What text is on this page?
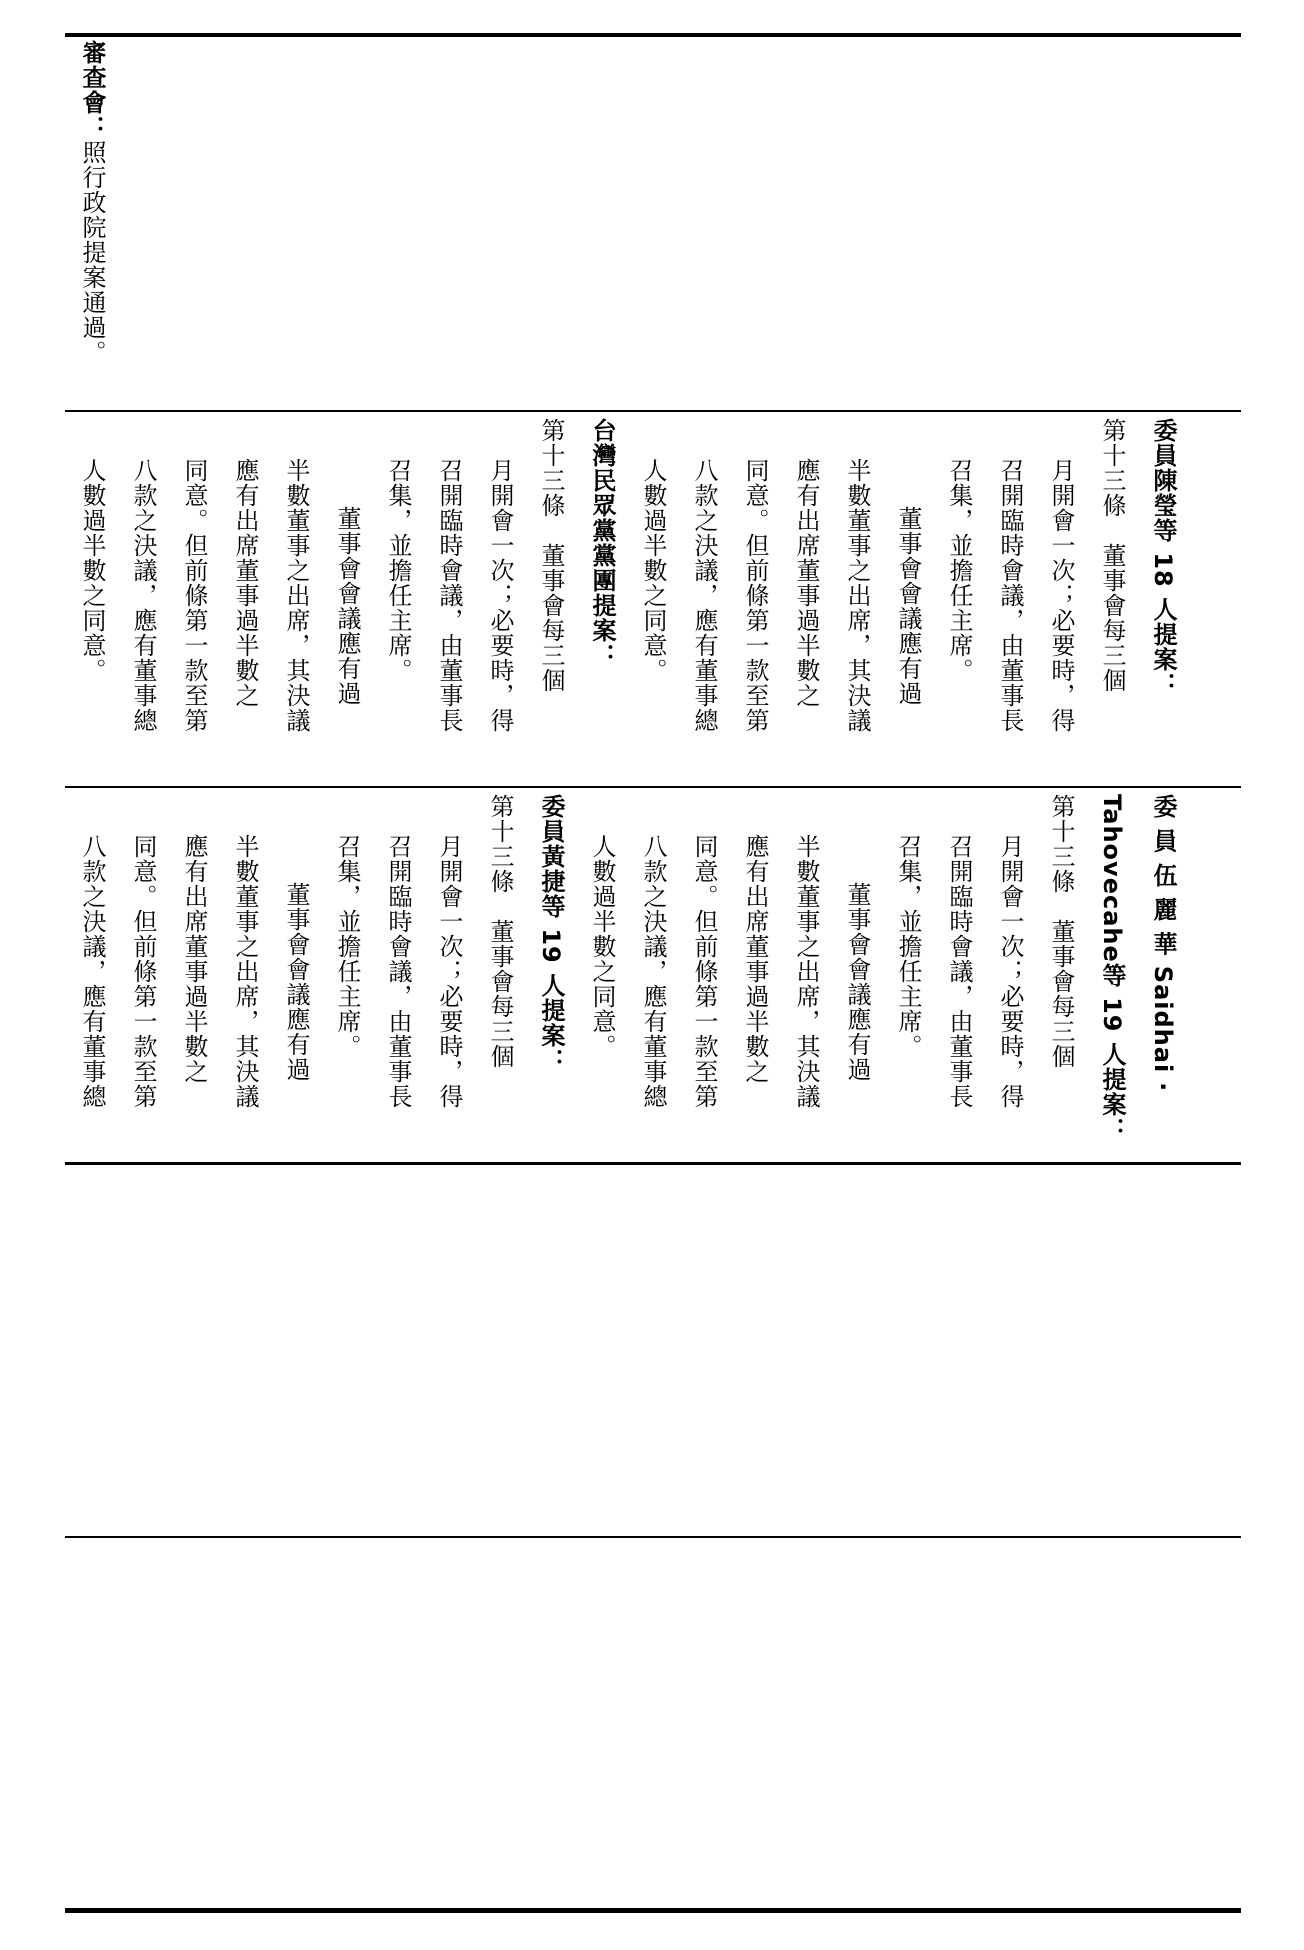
審查會：照行政院提案通過。
委員陳瑩等 18 人提案：
第十三條　董事會每三個
月開會一次；必要時，得
召開臨時會議，由董事長
召集，並擔任主席。
董事會會議應有過
半數董事之出席，其決議
應有出席董事過半數之
同意。但前條第一款至第
八款之決議，應有董事總
人數過半數之同意。
台灣民眾黨黨團提案：
第十三條　董事會每三個
月開會一次；必要時，得
召開臨時會議，由董事長
召集，並擔任主席。
董事會會議應有過
半數董事之出席，其決議
應有出席董事過半數之
同意。但前條第一款至第
八款之決議，應有董事總
人數過半數之同意。
委 員 伍 麗 華 Saidhai ‧
Tahovecahe等 19 人提案：
第十三條　董事會每三個
月開會一次；必要時，得
召開臨時會議，由董事長
召集，並擔任主席。
董事會會議應有過
半數董事之出席，其決議
應有出席董事過半數之
同意。但前條第一款至第
八款之決議，應有董事總
人數過半數之同意。
委員黃捷等 19 人提案：
第十三條　董事會每三個
月開會一次；必要時，得
召開臨時會議，由董事長
召集，並擔任主席。
董事會會議應有過
半數董事之出席，其決議
應有出席董事過半數之
同意。但前條第一款至第
八款之決議，應有董事總
